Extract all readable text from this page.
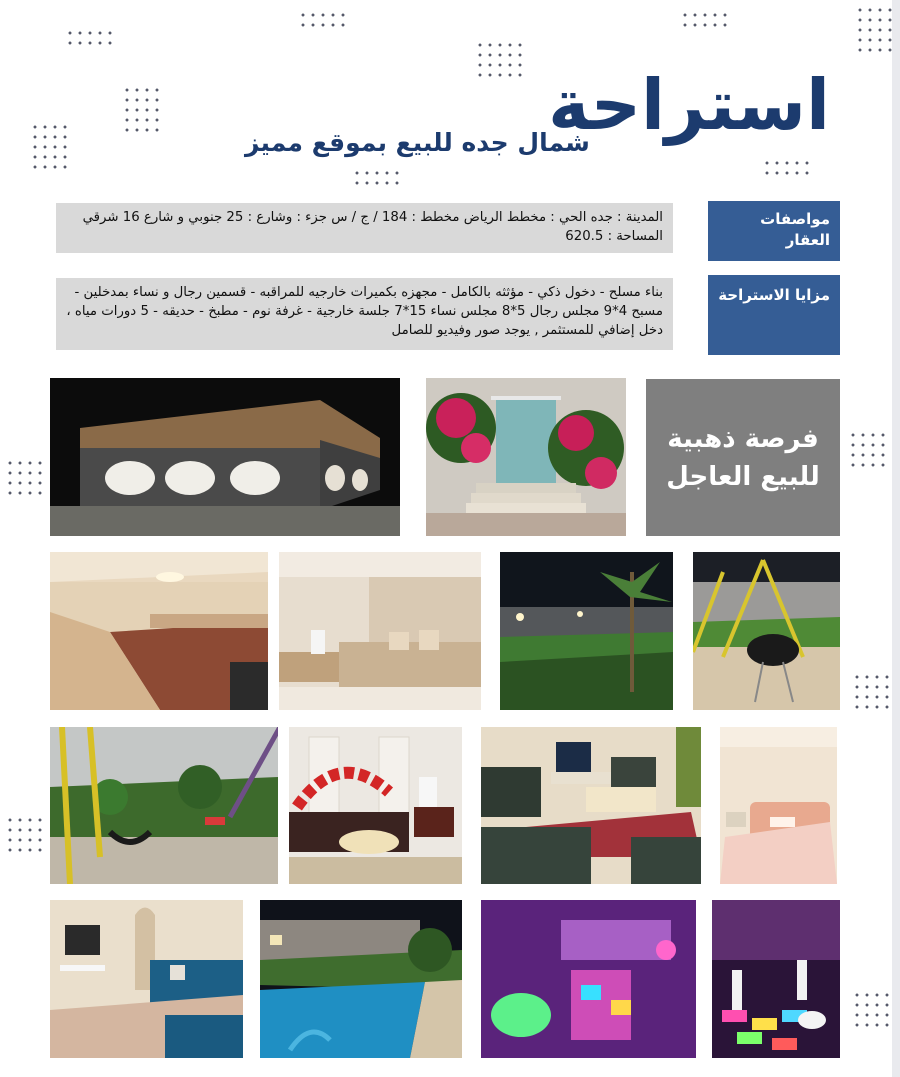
استراحة
شمال جده للبيع بموقع مميز
مواصفات العقار
المدينة : جده الحي : مخطط الرياض مخطط : 184 / ج / س جزء : وشارع : 25 جنوبي و شارع 16 شرقي المساحة : 620.5
مزايا الاستراحة
بناء مسلح - دخول ذكي - مؤثثه بالكامل - مجهزه بكميرات خارجيه للمراقبه - قسمين رجال و نساء بمدخلين - مسبح 4*9 مجلس رجال 5*8 مجلس نساء 15*7 جلسة خارجية - غرفة نوم - مطبخ - حديقه - 5 دورات مياه ، دخل إضافي للمستثمر , يوجد صور وفيديو للصامل
فرصة ذهبية
للبيع العاجل
